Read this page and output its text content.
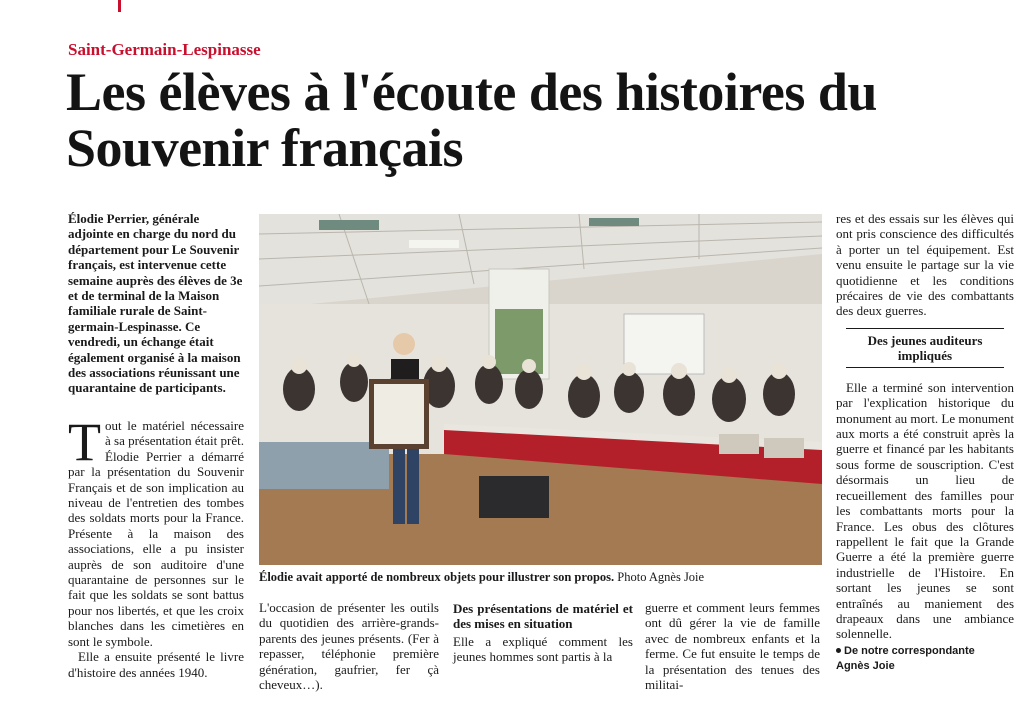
Saint-Germain-Lespinasse
Les élèves à l'écoute des histoires du Souvenir français
Élodie Perrier, générale adjointe en charge du nord du département pour Le Souvenir français, est intervenue cette semaine auprès des élèves de 3e et de terminal de la Maison familiale rurale de Saint-germain-Lespinasse. Ce vendredi, un échange était également organisé à la maison des associations réunissant une quarantaine de participants.

Tout le matériel nécessaire à sa présentation était prêt. Élodie Perrier a démarré par la présentation du Souvenir Français et de son implication au niveau de l'entretien des tombes des soldats morts pour la France. Présente à la maison des associations, elle a pu insister auprès de son auditoire d'une quarantaine de personnes sur le fait que les soldats se sont battus pour nos libertés, et que les croix blanches dans les cimetières en sont le symbole.

Elle a ensuite présenté le livre d'histoire des années 1940.

Élodie avait apporté de nombreux objets pour illustrer son propos. Photo Agnès Joie
L'occasion de présenter les outils du quotidien des arrière-grands-parents des jeunes présents. (Fer à repasser, téléphonie première génération, gaufrier, fer çà cheveux…).
Des présentations de matériel et des mises en situation

Elle a expliqué comment les jeunes hommes sont partis à la

guerre et comment leurs femmes ont dû gérer la vie de famille avec de nombreux enfants et la ferme. Ce fut ensuite le temps de la présentation des tenues des militai-

res et des essais sur les élèves qui ont pris conscience des difficultés à porter un tel équipement. Est venu ensuite le partage sur la vie quotidienne et les conditions précaires de vie des combattants des deux guerres.

Des jeunes auditeurs impliqués

Elle a terminé son intervention par l'explication historique du monument au mort. Le monument aux morts a été construit après la guerre et financé par les habitants sous forme de souscription. C'est désormais un lieu de recueillement des familles pour les combattants morts pour la France. Les obus des clôtures rappellent le fait que la Grande Guerre a été la première guerre industrielle de l'Histoire. En sortant les jeunes se sont entraînés au maniement des drapeaux dans une ambiance solennelle.

De notre correspondante
Agnès Joie
